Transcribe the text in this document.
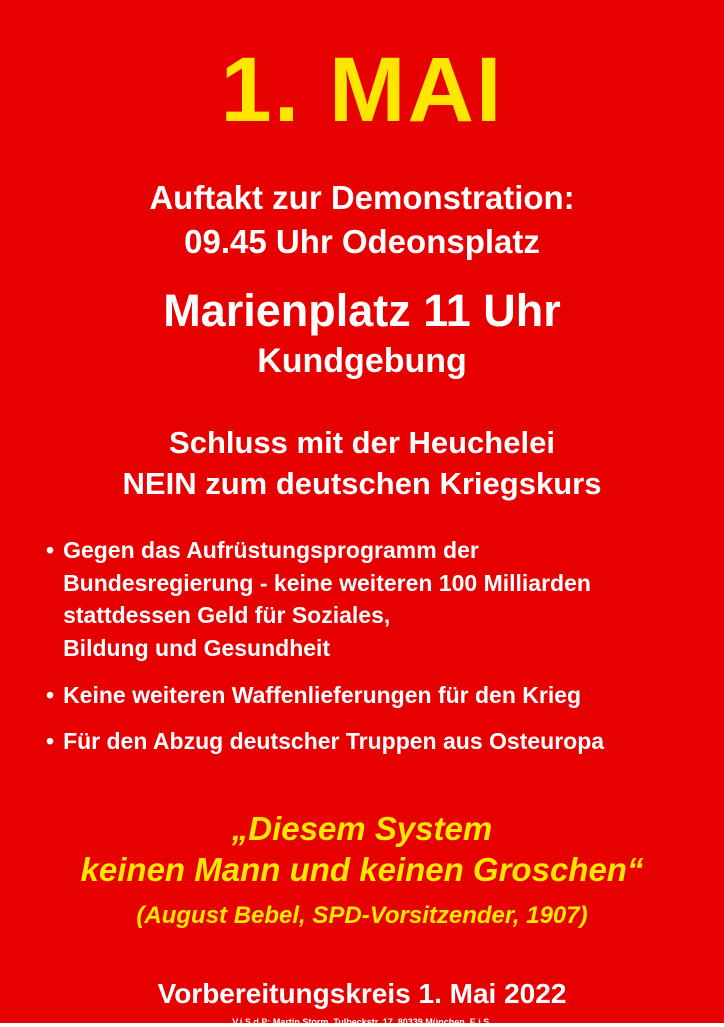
1. MAI
Auftakt zur Demonstration:
09.45 Uhr Odeonsplatz
Marienplatz 11 Uhr
Kundgebung
Schluss mit der Heuchelei
NEIN zum deutschen Kriegskurs
• Gegen das Aufrüstungsprogramm der
Bundesregierung - keine weiteren 100 Milliarden
stattdessen Geld für Soziales,
Bildung und Gesundheit
• Keine weiteren Waffenlieferungen für den Krieg
• Für den Abzug deutscher Truppen aus Osteuropa
„Diesem System
keinen Mann und keinen Groschen“
(August Bebel, SPD-Vorsitzender, 1907)
Vorbereitungskreis 1. Mai 2022
V.i.S.d.P: Martin Storm, Tulbeckstr. 17, 80339 München, E.i.S.
